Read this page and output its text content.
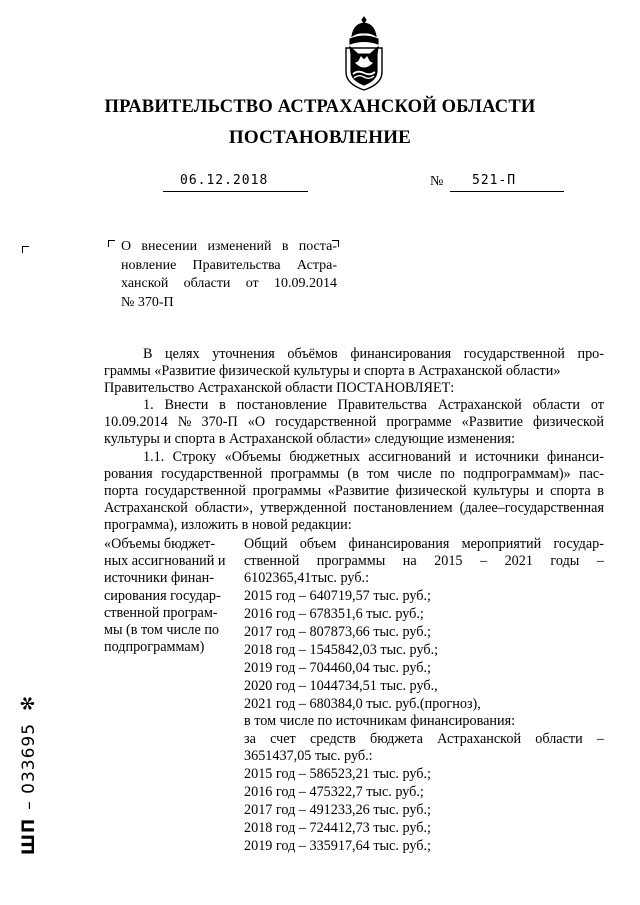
ПРАВИТЕЛЬСТВО АСТРАХАНСКОЙ ОБЛАСТИ
ПОСТАНОВЛЕНИЕ
06.12.2018	№ 521-П
О внесении изменений в поста-
новление Правительства Астра-
ханской области от 10.09.2014
№ 370-П
В целях уточнения объёмов финансирования государственной про-
граммы «Развитие физической культуры и спорта в Астраханской области»
Правительство Астраханской области ПОСТАНОВЛЯЕТ:
1. Внести в постановление Правительства Астраханской области от
10.09.2014 № 370-П «О государственной программе «Развитие физической
культуры и спорта в Астраханской области» следующие изменения:
1.1. Строку «Объемы бюджетных ассигнований и источники финанси-
рования государственной программы (в том числе по подпрограммам)» пас-
порта государственной программы «Развитие физической культуры и спорта в
Астраханской области», утвержденной постановлением (далее–государственная
программа), изложить в новой редакции:
«Объемы бюджет-
ных ассигнований и
источники финан-
сирования государ-
ственной програм-
мы (в том числе по
подпрограммам)
Общий объем финансирования мероприятий государ-
ственной программы на 2015 – 2021 годы –
6102365,41тыс. руб.:
2015 год – 640719,57 тыс. руб.;
2016 год – 678351,6 тыс. руб.;
2017 год – 807873,66 тыс. руб.;
2018 год – 1545842,03 тыс. руб.;
2019 год – 704460,04 тыс. руб.;
2020 год – 1044734,51 тыс. руб.,
2021 год – 680384,0 тыс. руб.(прогноз),
в том числе по источникам финансирования:
за счет средств бюджета Астраханской области –
3651437,05 тыс. руб.:
2015 год – 586523,21 тыс. руб.;
2016 год – 475322,7 тыс. руб.;
2017 год – 491233,26 тыс. руб.;
2018 год – 724412,73 тыс. руб.;
2019 год – 335917,64 тыс. руб.;
ШП– 033695✻
